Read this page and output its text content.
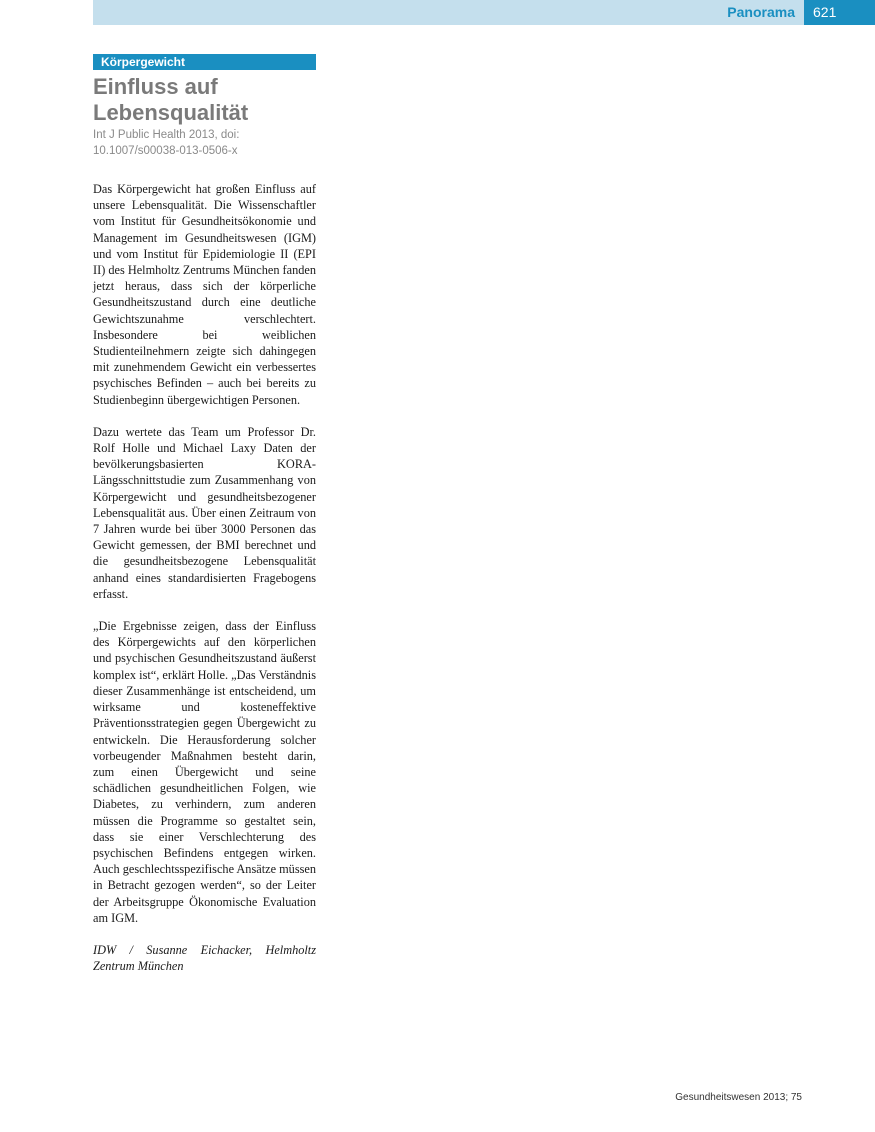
Panorama	621
Körpergewicht
Einfluss auf Lebensqualität
Int J Public Health 2013, doi: 10.1007/s00038-013-0506-x

Das Körpergewicht hat großen Einfluss auf unsere Lebensqualität. Die Wissenschaftler vom Institut für Gesundheitsökonomie und Management im Gesundheitswesen (IGM) und vom Institut für Epidemiologie II (EPI II) des Helmholtz Zentrums München fanden jetzt heraus, dass sich der körperliche Gesundheitszustand durch eine deutliche Gewichtszunahme verschlechtert. Insbesondere bei weiblichen Studienteilnehmern zeigte sich dahingegen mit zunehmendem Gewicht ein verbessertes psychisches Befinden – auch bei bereits zu Studienbeginn übergewichtigen Personen.

Dazu wertete das Team um Professor Dr. Rolf Holle und Michael Laxy Daten der bevölkerungsbasierten KORA-Längsschnittstudie zum Zusammenhang von Körpergewicht und gesundheitsbezogener Lebensqualität aus. Über einen Zeitraum von 7 Jahren wurde bei über 3000 Personen das Gewicht gemessen, der BMI berechnet und die gesundheitsbezogene Lebensqualität anhand eines standardisierten Fragebogens erfasst.

„Die Ergebnisse zeigen, dass der Einfluss des Körpergewichts auf den körperlichen und psychischen Gesundheitszustand äußerst komplex ist“, erklärt Holle. „Das Verständnis dieser Zusammenhänge ist entscheidend, um wirksame und kosteneffektive Präventionsstrategien gegen Übergewicht zu entwickeln. Die Herausforderung solcher vorbeugender Maßnahmen besteht darin, zum einen Übergewicht und seine schädlichen gesundheitlichen Folgen, wie Diabetes, zu verhindern, zum anderen müssen die Programme so gestaltet sein, dass sie einer Verschlechterung des psychischen Befindens entgegen wirken. Auch geschlechtsspezifische Ansätze müssen in Betracht gezogen werden“, so der Leiter der Arbeitsgruppe Ökonomische Evaluation am IGM.

IDW / Susanne Eichacker, Helmholtz Zentrum München

Gesundheitswesen 2013; 75
